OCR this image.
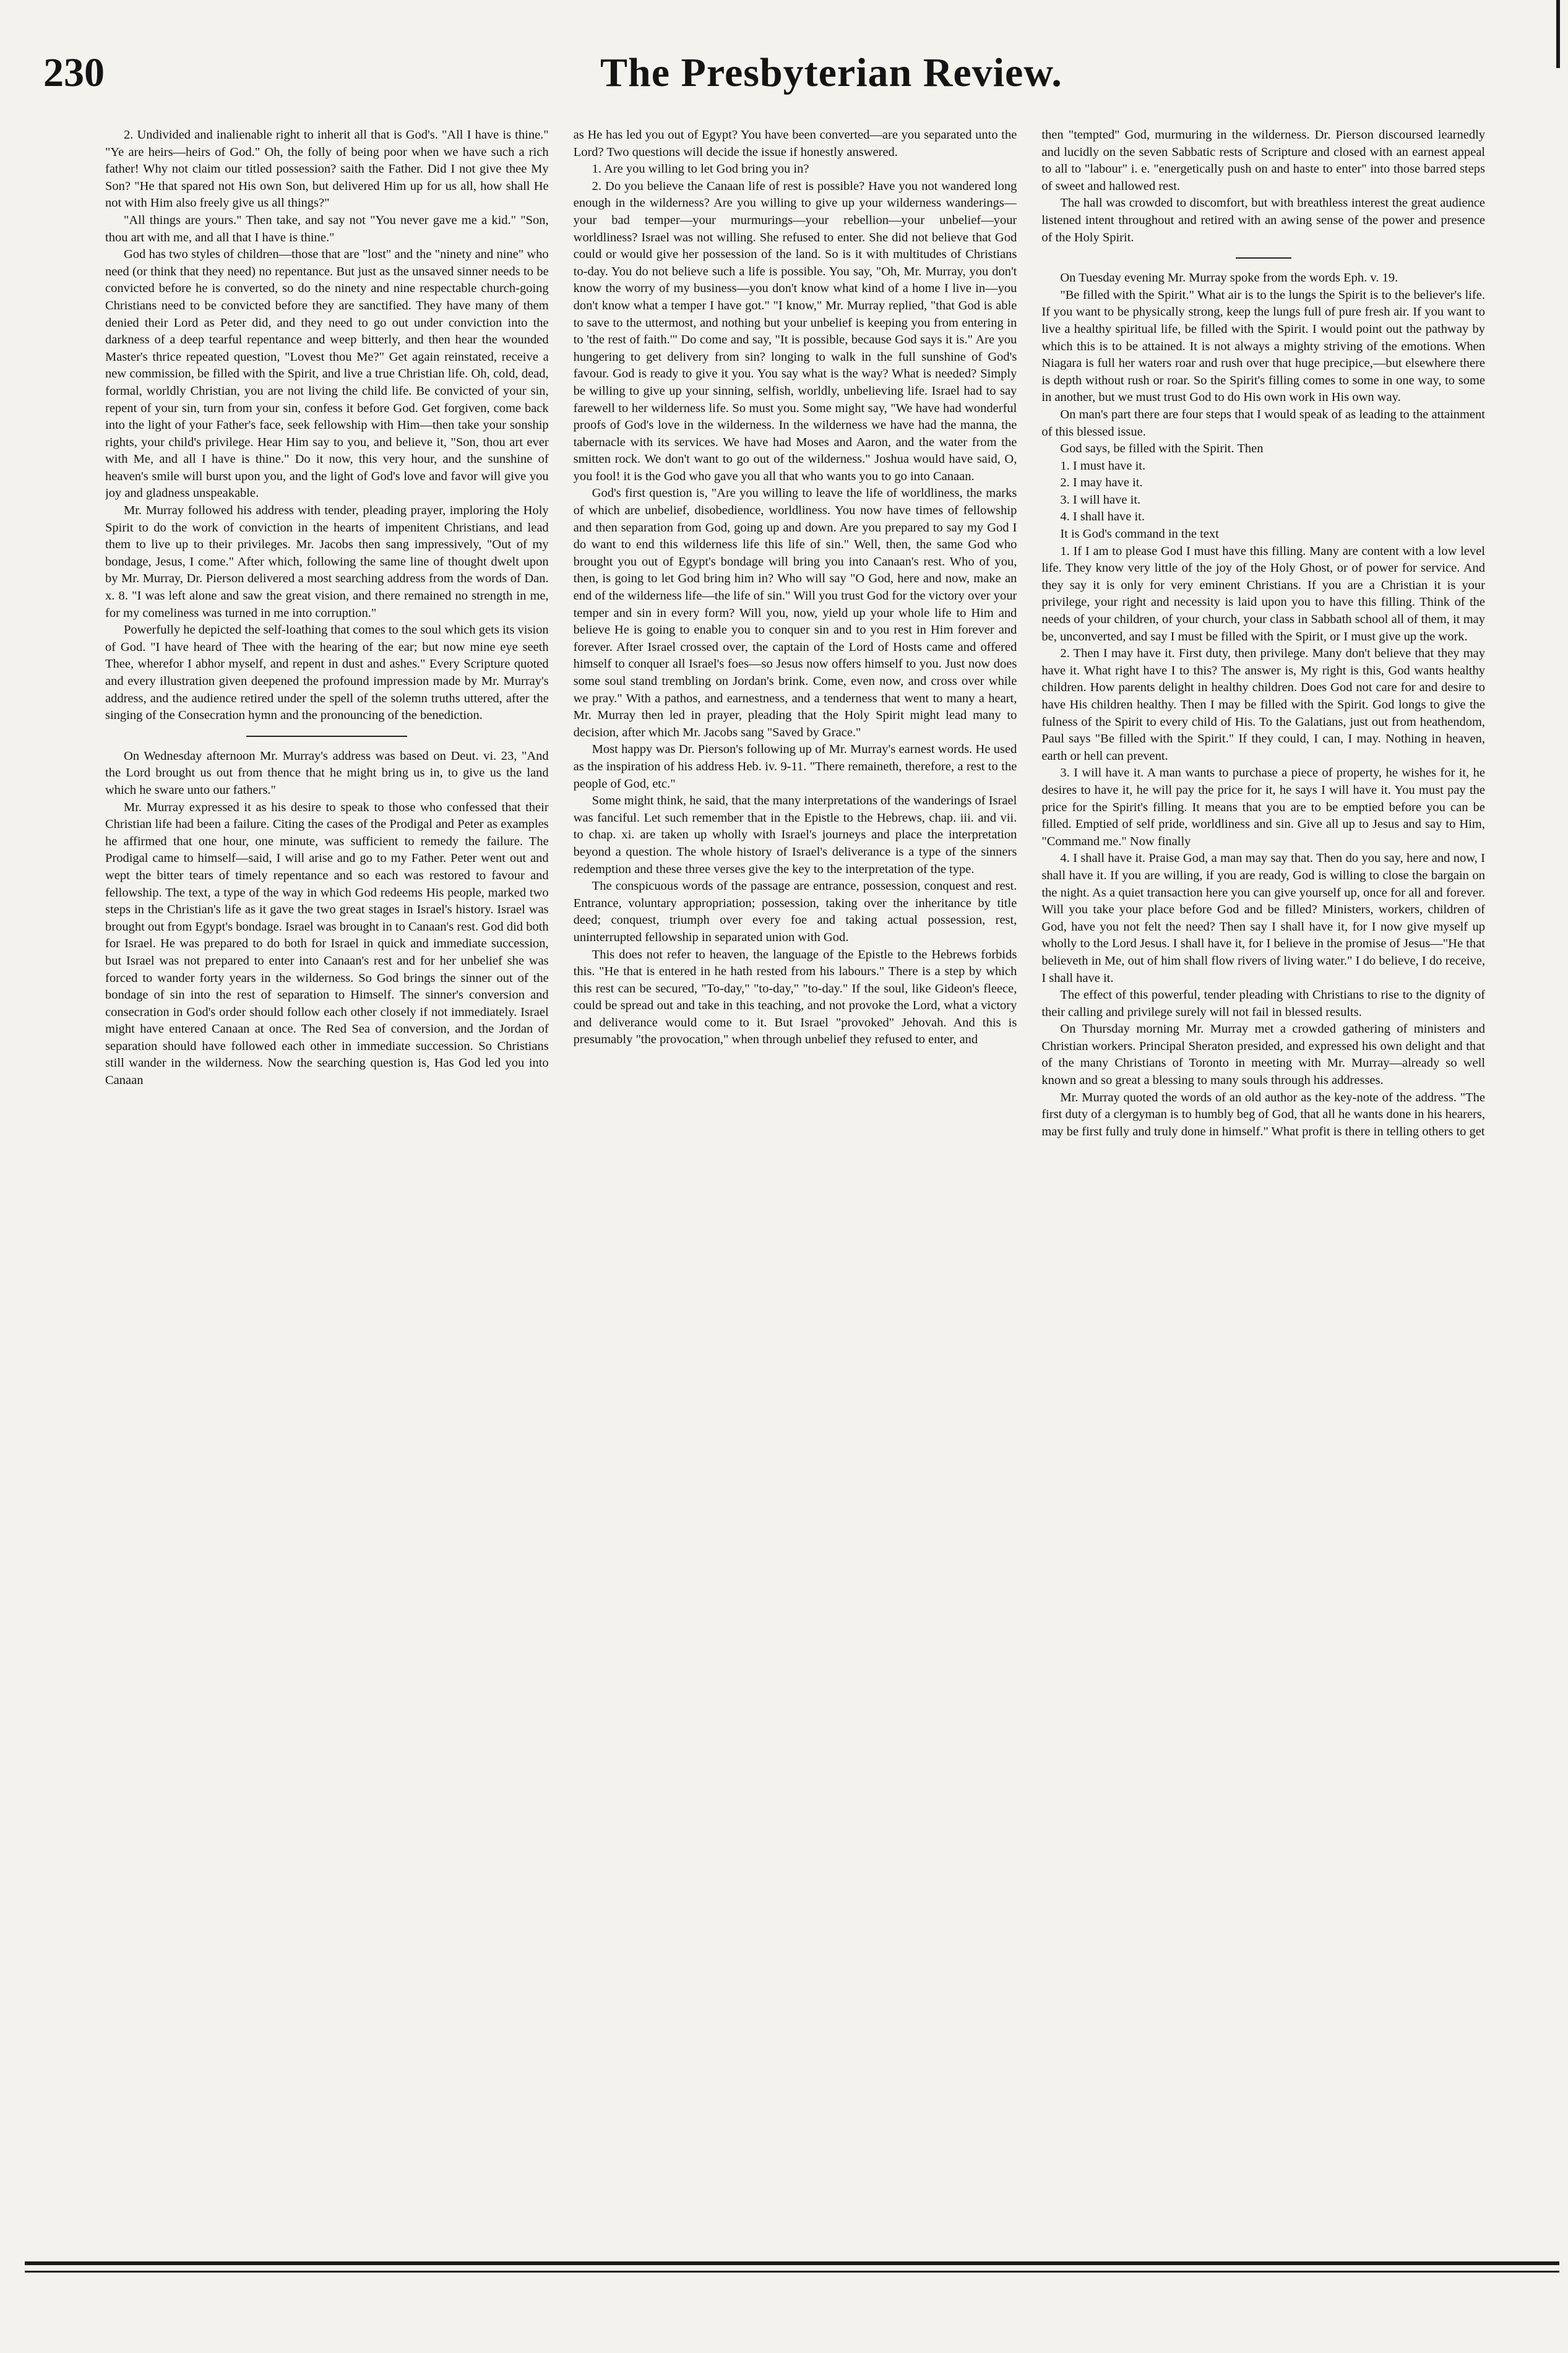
230	The Presbyterian Review.

2. Undivided and inalienable right to inherit all that is God's. "All I have is thine." "Ye are heirs—heirs of God." Oh, the folly of being poor when we have such a rich father! Why not claim our titled possession? saith the Father. Did I not give thee My Son? "He that spared not His own Son, but delivered Him up for us all, how shall He not with Him also freely give us all things?"

"All things are yours." Then take, and say not "You never gave me a kid." "Son, thou art with me, and all that I have is thine."

God has two styles of children—those that are "lost" and the "ninety and nine" who need (or think that they need) no repentance. But just as the unsaved sinner needs to be convicted before he is converted, so do the ninety and nine respectable church-going Christians need to be convicted before they are sanctified. They have many of them denied their Lord as Peter did, and they need to go out under conviction into the darkness of a deep tearful repentance and weep bitterly, and then hear the wounded Master's thrice repeated question, "Lovest thou Me?" Get again reinstated, receive a new commission, be filled with the Spirit, and live a true Christian life. Oh, cold, dead, formal, worldly Christian, you are not living the child life. Be convicted of your sin, repent of your sin, turn from your sin, confess it before God. Get forgiven, come back into the light of your Father's face, seek fellowship with Him—then take your sonship rights, your child's privilege. Hear Him say to you, and believe it, "Son, thou art ever with Me, and all I have is thine." Do it now, this very hour, and the sunshine of heaven's smile will burst upon you, and the light of God's love and favor will give you joy and gladness unspeakable.

Mr. Murray followed his address with tender, pleading prayer, imploring the Holy Spirit to do the work of conviction in the hearts of impenitent Christians, and lead them to live up to their privileges. Mr. Jacobs then sang impressively, "Out of my bondage, Jesus, I come." After which, following the same line of thought dwelt upon by Mr. Murray, Dr. Pierson delivered a most searching address from the words of Dan. x. 8. "I was left alone and saw the great vision, and there remained no strength in me, for my comeliness was turned in me into corruption."

Powerfully he depicted the self-loathing that comes to the soul which gets its vision of God. "I have heard of Thee with the hearing of the ear; but now mine eye seeth Thee, wherefor I abhor myself, and repent in dust and ashes." Every Scripture quoted and every illustration given deepened the profound impression made by Mr. Murray's address, and the audience retired under the spell of the solemn truths uttered, after the singing of the Consecration hymn and the pronouncing of the benediction.

On Wednesday afternoon Mr. Murray's address was based on Deut. vi. 23, "And the Lord brought us out from thence that he might bring us in, to give us the land which he sware unto our fathers."

Mr. Murray expressed it as his desire to speak to those who confessed that their Christian life had been a failure. Citing the cases of the Prodigal and Peter as examples he affirmed that one hour, one minute, was sufficient to remedy the failure. The Prodigal came to himself—said, I will arise and go to my Father. Peter went out and wept the bitter tears of timely repentance and so each was restored to favour and fellowship. The text, a type of the way in which God redeems His people, marked two steps in the Christian's life as it gave the two great stages in Israel's history. Israel was brought out from Egypt's bondage. Israel was brought in to Canaan's rest. God did both for Israel. He was prepared to do both for Israel in quick and immediate succession, but Israel was not prepared to enter into Canaan's rest and for her unbelief she was forced to wander forty years in the wilderness. So God brings the sinner out of the bondage of sin into the rest of separation to Himself. The sinner's conversion and consecration in God's order should follow each other closely if not immediately. Israel might have entered Canaan at once. The Red Sea of conversion, and the Jordan of separation should have followed each other in immediate succession. So Christians still wander in the wilderness. Now the searching question is, Has God led you into Canaan

as He has led you out of Egypt? You have been converted—are you separated unto the Lord? Two questions will decide the issue if honestly answered.

1. Are you willing to let God bring you in?

2. Do you believe the Canaan life of rest is possible? Have you not wandered long enough in the wilderness? Are you willing to give up your wilderness wanderings—your bad temper—your murmurings—your rebellion—your unbelief—your worldliness? Israel was not willing. She refused to enter. She did not believe that God could or would give her possession of the land. So is it with multitudes of Christians to-day. You do not believe such a life is possible. You say, "Oh, Mr. Murray, you don't know the worry of my business—you don't know what kind of a home I live in—you don't know what a temper I have got." "I know," Mr. Murray replied, "that God is able to save to the uttermost, and nothing but your unbelief is keeping you from entering in to 'the rest of faith.'" Do come and say, "It is possible, because God says it is." Are you hungering to get delivery from sin? longing to walk in the full sunshine of God's favour. God is ready to give it you. You say what is the way? What is needed? Simply be willing to give up your sinning, selfish, worldly, unbelieving life. Israel had to say farewell to her wilderness life. So must you. Some might say, "We have had wonderful proofs of God's love in the wilderness. In the wilderness we have had the manna, the tabernacle with its services. We have had Moses and Aaron, and the water from the smitten rock. We don't want to go out of the wilderness." Joshua would have said, O, you fool! it is the God who gave you all that who wants you to go into Canaan.

God's first question is, "Are you willing to leave the life of worldliness, the marks of which are unbelief, disobedience, worldliness. You now have times of fellowship and then separation from God, going up and down. Are you prepared to say my God I do want to end this wilderness life this life of sin." Well, then, the same God who brought you out of Egypt's bondage will bring you into Canaan's rest. Who of you, then, is going to let God bring him in? Who will say "O God, here and now, make an end of the wilderness life—the life of sin." Will you trust God for the victory over your temper and sin in every form? Will you, now, yield up your whole life to Him and believe He is going to enable you to conquer sin and to you rest in Him forever and forever. After Israel crossed over, the captain of the Lord of Hosts came and offered himself to conquer all Israel's foes—so Jesus now offers himself to you. Just now does some soul stand trembling on Jordan's brink. Come, even now, and cross over while we pray." With a pathos, and earnestness, and a tenderness that went to many a heart, Mr. Murray then led in prayer, pleading that the Holy Spirit might lead many to decision, after which Mr. Jacobs sang "Saved by Grace."

Most happy was Dr. Pierson's following up of Mr. Murray's earnest words. He used as the inspiration of his address Heb. iv. 9-11. "There remaineth, therefore, a rest to the people of God, etc."

Some might think, he said, that the many interpretations of the wanderings of Israel was fanciful. Let such remember that in the Epistle to the Hebrews, chap. iii. and vii. to chap. xi. are taken up wholly with Israel's journeys and place the interpretation beyond a question. The whole history of Israel's deliverance is a type of the sinners redemption and these three verses give the key to the interpretation of the type.

The conspicuous words of the passage are entrance, possession, conquest and rest. Entrance, voluntary appropriation; possession, taking over the inheritance by title deed; conquest, triumph over every foe and taking actual possession, rest, uninterrupted fellowship in separated union with God.

This does not refer to heaven, the language of the Epistle to the Hebrews forbids this. "He that is entered in he hath rested from his labours." There is a step by which this rest can be secured, "To-day," "to-day," "to-day." If the soul, like Gideon's fleece, could be spread out and take in this teaching, and not provoke the Lord, what a victory and deliverance would come to it. But Israel "provoked" Jehovah. And this is presumably "the provocation," when through unbelief they refused to enter, and

then "tempted" God, murmuring in the wilderness. Dr. Pierson discoursed learnedly and lucidly on the seven Sabbatic rests of Scripture and closed with an earnest appeal to all to "labour" i. e. "energetically push on and haste to enter" into those barred steps of sweet and hallowed rest.

The hall was crowded to discomfort, but with breathless interest the great audience listened intent throughout and retired with an awing sense of the power and presence of the Holy Spirit.

On Tuesday evening Mr. Murray spoke from the words Eph. v. 19.

"Be filled with the Spirit." What air is to the lungs the Spirit is to the believer's life. If you want to be physically strong, keep the lungs full of pure fresh air. If you want to live a healthy spiritual life, be filled with the Spirit. I would point out the pathway by which this is to be attained. It is not always a mighty striving of the emotions. When Niagara is full her waters roar and rush over that huge precipice,—but elsewhere there is depth without rush or roar. So the Spirit's filling comes to some in one way, to some in another, but we must trust God to do His own work in His own way.

On man's part there are four steps that I would speak of as leading to the attainment of this blessed issue.

God says, be filled with the Spirit. Then

1. I must have it.

2. I may have it.

3. I will have it.

4. I shall have it.

It is God's command in the text

1. If I am to please God I must have this filling. Many are content with a low level life. They know very little of the joy of the Holy Ghost, or of power for service. And they say it is only for very eminent Christians. If you are a Christian it is your privilege, your right and necessity is laid upon you to have this filling. Think of the needs of your children, of your church, your class in Sabbath school all of them, it may be, unconverted, and say I must be filled with the Spirit, or I must give up the work.

2. Then I may have it. First duty, then privilege. Many don't believe that they may have it. What right have I to this? The answer is, My right is this, God wants healthy children. How parents delight in healthy children. Does God not care for and desire to have His children healthy. Then I may be filled with the Spirit. God longs to give the fulness of the Spirit to every child of His. To the Galatians, just out from heathendom, Paul says "Be filled with the Spirit." If they could, I can, I may. Nothing in heaven, earth or hell can prevent.

3. I will have it. A man wants to purchase a piece of property, he wishes for it, he desires to have it, he will pay the price for it, he says I will have it. You must pay the price for the Spirit's filling. It means that you are to be emptied before you can be filled. Emptied of self pride, worldliness and sin. Give all up to Jesus and say to Him, "Command me." Now finally

4. I shall have it. Praise God, a man may say that. Then do you say, here and now, I shall have it. If you are willing, if you are ready, God is willing to close the bargain on the night. As a quiet transaction here you can give yourself up, once for all and forever. Will you take your place before God and be filled? Ministers, workers, children of God, have you not felt the need? Then say I shall have it, for I now give myself up wholly to the Lord Jesus. I shall have it, for I believe in the promise of Jesus—"He that believeth in Me, out of him shall flow rivers of living water." I do believe, I do receive, I shall have it.

The effect of this powerful, tender pleading with Christians to rise to the dignity of their calling and privilege surely will not fail in blessed results.

On Thursday morning Mr. Murray met a crowded gathering of ministers and Christian workers. Principal Sheraton presided, and expressed his own delight and that of the many Christians of Toronto in meeting with Mr. Murray—already so well known and so great a blessing to many souls through his addresses.

Mr. Murray quoted the words of an old author as the key-note of the address. "The first duty of a clergyman is to humbly beg of God, that all he wants done in his hearers, may be first fully and truly done in himself." What profit is there in telling others to get
